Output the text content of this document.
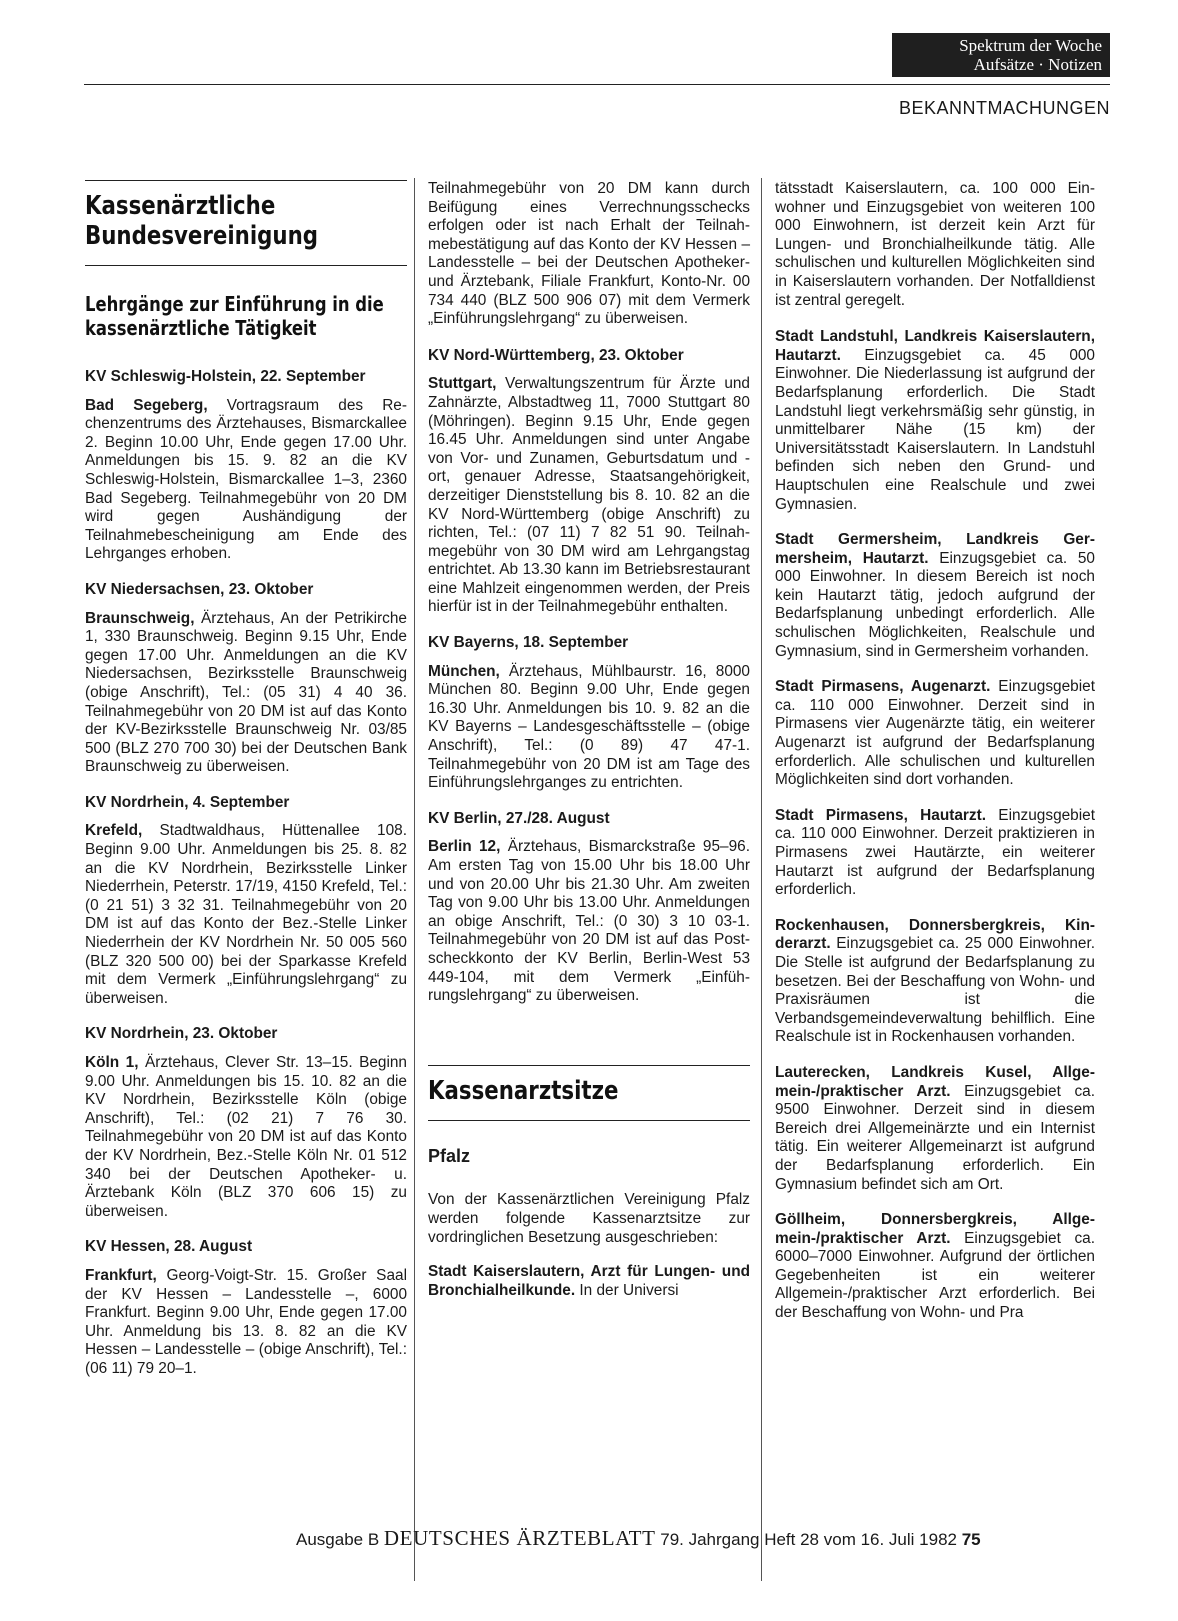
Spektrum der Woche
Aufsätze · Notizen
BEKANNTMACHUNGEN
Kassenärztliche Bundesvereinigung
Lehrgänge zur Einführung in die kassenärztliche Tätigkeit

KV Schleswig-Holstein, 22. September

Bad Segeberg, Vortragsraum des Rechenzentrums des Ärztehauses, Bismarckallee 2. Beginn 10.00 Uhr, Ende gegen 17.00 Uhr. Anmeldungen bis 15. 9. 82 an die KV Schleswig-Holstein, Bismarckallee 1–3, 2360 Bad Segeberg. Teilnahmegebühr von 20 DM wird gegen Aushändigung der Teilnahmebescheinigung am Ende des Lehrganges erhoben.

KV Niedersachsen, 23. Oktober

Braunschweig, Ärztehaus, An der Petrikirche 1, 330 Braunschweig. Beginn 9.15 Uhr, Ende gegen 17.00 Uhr. Anmeldungen an die KV Niedersachsen, Bezirksstelle Braunschweig (obige Anschrift), Tel.: (05 31) 4 40 36. Teilnahmegebühr von 20 DM ist auf das Konto der KV-Bezirksstelle Braunschweig Nr. 03/85 500 (BLZ 270 700 30) bei der Deutschen Bank Braunschweig zu überweisen.

KV Nordrhein, 4. September

Krefeld, Stadtwaldhaus, Hüttenallee 108. Beginn 9.00 Uhr. Anmeldungen bis 25. 8. 82 an die KV Nordrhein, Bezirksstelle Linker Niederrhein, Peterstr. 17/19, 4150 Krefeld, Tel.: (0 21 51) 3 32 31. Teilnahmegebühr von 20 DM ist auf das Konto der Bez.-Stelle Linker Niederrhein der KV Nordrhein Nr. 50 005 560 (BLZ 320 500 00) bei der Sparkasse Krefeld mit dem Vermerk „Einführungslehrgang“ zu überweisen.

KV Nordrhein, 23. Oktober

Köln 1, Ärztehaus, Clever Str. 13–15. Beginn 9.00 Uhr. Anmeldungen bis 15. 10. 82 an die KV Nordrhein, Bezirksstelle Köln (obige Anschrift), Tel.: (02 21) 7 76 30. Teilnahmegebühr von 20 DM ist auf das Konto der KV Nordrhein, Bez.-Stelle Köln Nr. 01 512 340 bei der Deutschen Apotheker- u. Ärztebank Köln (BLZ 370 606 15) zu überweisen.

KV Hessen, 28. August

Frankfurt, Georg-Voigt-Str. 15. Großer Saal der KV Hessen – Landesstelle –, 6000 Frankfurt. Beginn 9.00 Uhr, Ende gegen 17.00 Uhr. Anmeldung bis 13. 8. 82 an die KV Hessen – Landesstelle – (obige Anschrift), Tel.: (06 11) 79 20–1.

Teilnahmegebühr von 20 DM kann durch Beifügung eines Verrechnungsschecks erfolgen oder ist nach Erhalt der Teilnahmebestätigung auf das Konto der KV Hessen – Landesstelle – bei der Deutschen Apotheker- und Ärztebank, Filiale Frankfurt, Konto-Nr. 00 734 440 (BLZ 500 906 07) mit dem Vermerk „Einführungslehrgang“ zu überweisen.

KV Nord-Württemberg, 23. Oktober

Stuttgart, Verwaltungszentrum für Ärzte und Zahnärzte, Albstadtweg 11, 7000 Stuttgart 80 (Möhringen). Beginn 9.15 Uhr, Ende gegen 16.45 Uhr. Anmeldungen sind unter Angabe von Vor- und Zunamen, Geburtsdatum und -ort, genauer Adresse, Staatsangehörigkeit, derzeitiger Dienststellung bis 8. 10. 82 an die KV Nord-Württemberg (obige Anschrift) zu richten, Tel.: (07 11) 7 82 51 90. Teilnahmegebühr von 30 DM wird am Lehrgangstag entrichtet. Ab 13.30 kann im Betriebsrestaurant eine Mahlzeit eingenommen werden, der Preis hierfür ist in der Teilnahmegebühr enthalten.

KV Bayerns, 18. September

München, Ärztehaus, Mühlbaurstr. 16, 8000 München 80. Beginn 9.00 Uhr, Ende gegen 16.30 Uhr. Anmeldungen bis 10. 9. 82 an die KV Bayerns – Landesgeschäftsstelle – (obige Anschrift), Tel.: (0 89) 47 47-1. Teilnahmegebühr von 20 DM ist am Tage des Einführungslehrganges zu entrichten.

KV Berlin, 27./28. August

Berlin 12, Ärztehaus, Bismarckstraße 95–96. Am ersten Tag von 15.00 Uhr bis 18.00 Uhr und von 20.00 Uhr bis 21.30 Uhr. Am zweiten Tag von 9.00 Uhr bis 13.00 Uhr. Anmeldungen an obige Anschrift, Tel.: (0 30) 3 10 03-1. Teilnahmegebühr von 20 DM ist auf das Postscheckkonto der KV Berlin, Berlin-West 53 449-104, mit dem Vermerk „Einführungslehrgang“ zu überweisen.

Kassenarztsitze

Pfalz

Von der Kassenärztlichen Vereinigung Pfalz werden folgende Kassenarztsitze zur vordringlichen Besetzung ausgeschrieben:

Stadt Kaiserslautern, Arzt für Lungen- und Bronchialheilkunde. In der Universi

tätsstadt Kaiserslautern, ca. 100 000 Einwohner und Einzugsgebiet von weiteren 100 000 Einwohnern, ist derzeit kein Arzt für Lungen- und Bronchialheilkunde tätig. Alle schulischen und kulturellen Möglichkeiten sind in Kaiserslautern vorhanden. Der Notfalldienst ist zentral geregelt.

Stadt Landstuhl, Landkreis Kaiserslautern, Hautarzt. Einzugsgebiet ca. 45 000 Einwohner. Die Niederlassung ist aufgrund der Bedarfsplanung erforderlich. Die Stadt Landstuhl liegt verkehrsmäßig sehr günstig, in unmittelbarer Nähe (15 km) der Universitätsstadt Kaiserslautern. In Landstuhl befinden sich neben den Grund- und Hauptschulen eine Realschule und zwei Gymnasien.

Stadt Germersheim, Landkreis Germersheim, Hautarzt. Einzugsgebiet ca. 50 000 Einwohner. In diesem Bereich ist noch kein Hautarzt tätig, jedoch aufgrund der Bedarfsplanung unbedingt erforderlich. Alle schulischen Möglichkeiten, Realschule und Gymnasium, sind in Germersheim vorhanden.

Stadt Pirmasens, Augenarzt. Einzugsgebiet ca. 110 000 Einwohner. Derzeit sind in Pirmasens vier Augenärzte tätig, ein weiterer Augenarzt ist aufgrund der Bedarfsplanung erforderlich. Alle schulischen und kulturellen Möglichkeiten sind dort vorhanden.

Stadt Pirmasens, Hautarzt. Einzugsgebiet ca. 110 000 Einwohner. Derzeit praktizieren in Pirmasens zwei Hautärzte, ein weiterer Hautarzt ist aufgrund der Bedarfsplanung erforderlich.

Rockenhausen, Donnersbergkreis, Kinderarzt. Einzugsgebiet ca. 25 000 Einwohner. Die Stelle ist aufgrund der Bedarfsplanung zu besetzen. Bei der Beschaffung von Wohn- und Praxisräumen ist die Verbandsgemeindeverwaltung behilflich. Eine Realschule ist in Rockenhausen vorhanden.

Lauterecken, Landkreis Kusel, Allgemein-/praktischer Arzt. Einzugsgebiet ca. 9500 Einwohner. Derzeit sind in diesem Bereich drei Allgemeinärzte und ein Internist tätig. Ein weiterer Allgemeinarzt ist aufgrund der Bedarfsplanung erforderlich. Ein Gymnasium befindet sich am Ort.

Göllheim, Donnersbergkreis, Allgemein-/praktischer Arzt. Einzugsgebiet ca. 6000–7000 Einwohner. Aufgrund der örtlichen Gegebenheiten ist ein weiterer Allgemein-/praktischer Arzt erforderlich. Bei der Beschaffung von Wohn- und Pra

Ausgabe B DEUTSCHES ÄRZTEBLATT 79. Jahrgang Heft 28 vom 16. Juli 1982 75
